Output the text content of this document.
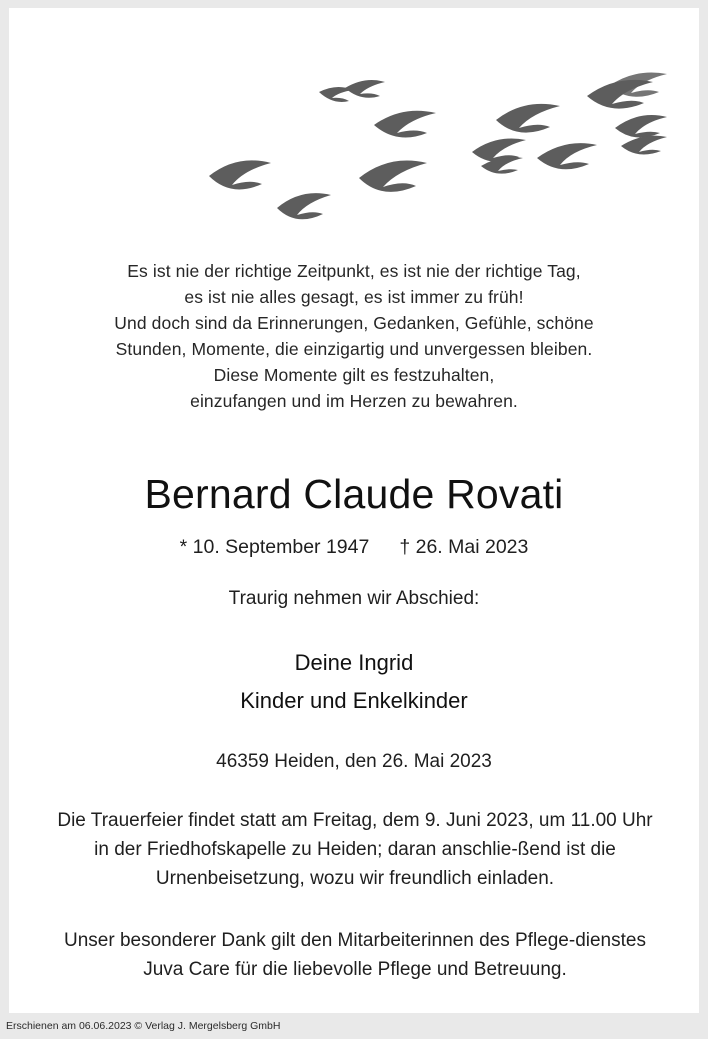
Es ist nie der richtige Zeitpunkt, es ist nie der richtige Tag,
es ist nie alles gesagt, es ist immer zu früh!
Und doch sind da Erinnerungen, Gedanken, Gefühle, schöne
Stunden, Momente, die einzigartig und unvergessen bleiben.
Diese Momente gilt es festzuhalten,
einzufangen und im Herzen zu bewahren.
Bernard Claude Rovati
* 10. September 1947 † 26. Mai 2023
Traurig nehmen wir Abschied:
Deine Ingrid
Kinder und Enkelkinder
46359 Heiden, den 26. Mai 2023
Die Trauerfeier findet statt am Freitag, dem 9. Juni 2023, um 11.00 Uhr in der Friedhofskapelle zu Heiden; daran anschlie-ßend ist die Urnenbeisetzung, wozu wir freundlich einladen.
Unser besonderer Dank gilt den Mitarbeiterinnen des Pflege-dienstes Juva Care für die liebevolle Pflege und Betreuung.
Erschienen am 06.06.2023 © Verlag J. Mergelsberg GmbH
